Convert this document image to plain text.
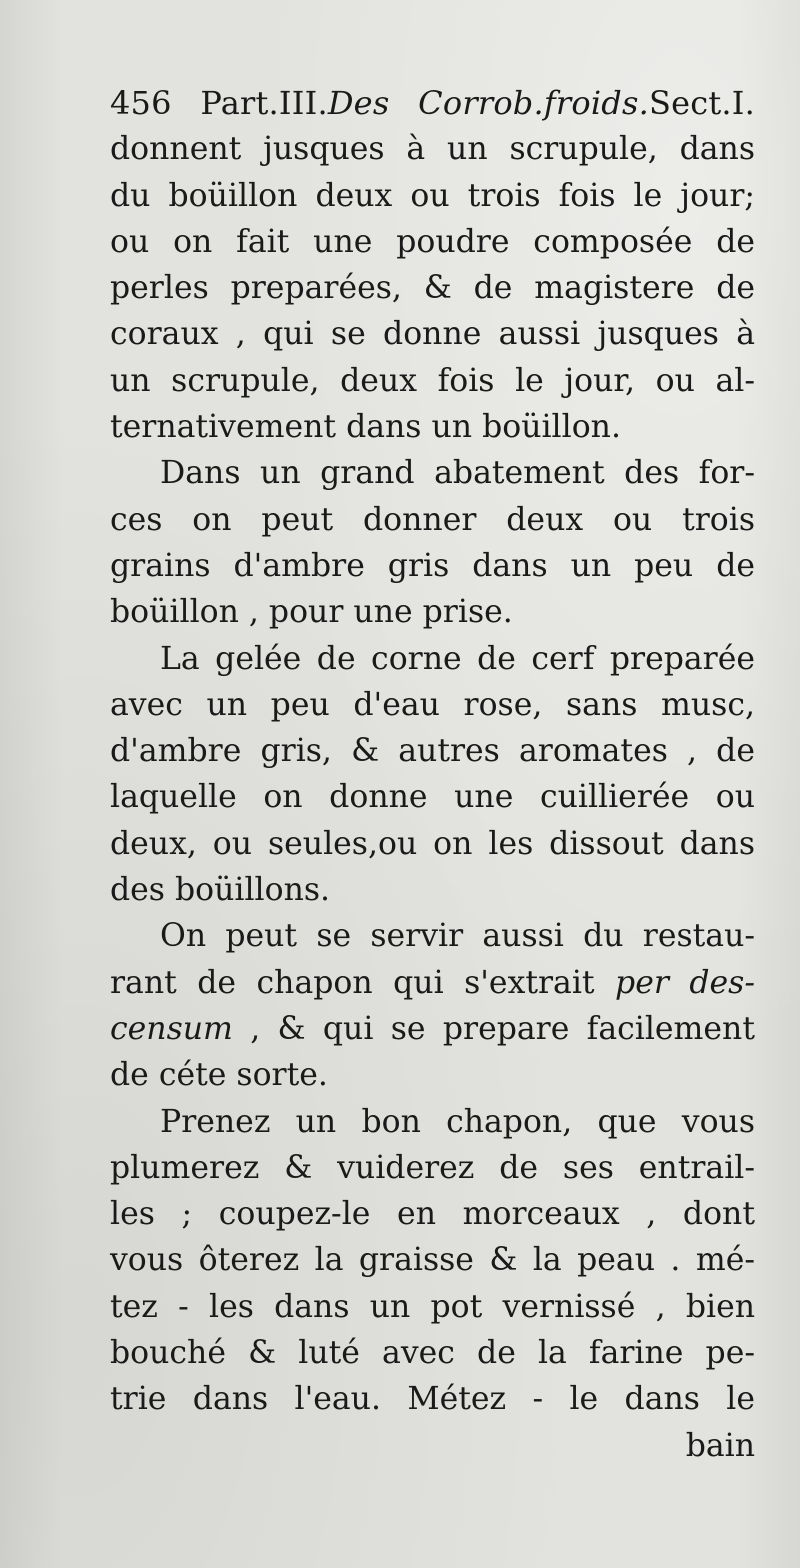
456 Part.III.Des Corrob.froids.Sect.I.
donnent jusques à un scrupule, dans
du boüillon deux ou trois fois le jour;
ou on fait une poudre composée de
perles preparées, & de magistere de
coraux , qui se donne aussi jusques à
un scrupule, deux fois le jour, ou al-
ternativement dans un boüillon.
Dans un grand abatement des for-
ces on peut donner deux ou trois
grains d'ambre gris dans un peu de
boüillon , pour une prise.
La gelée de corne de cerf preparée
avec un peu d'eau rose, sans musc,
d'ambre gris, & autres aromates , de
laquelle on donne une cuillierée ou
deux, ou seules,ou on les dissout dans
des boüillons.
On peut se servir aussi du restau-
rant de chapon qui s'extrait per des-
censum , & qui se prepare facilement
de céte sorte.
Prenez un bon chapon, que vous
plumerez & vuiderez de ses entrail-
les ; coupez-le en morceaux , dont
vous ôterez la graisse & la peau . mé-
tez - les dans un pot vernissé , bien
bouché & luté avec de la farine pe-
trie dans l'eau. Métez - le dans le
bain
